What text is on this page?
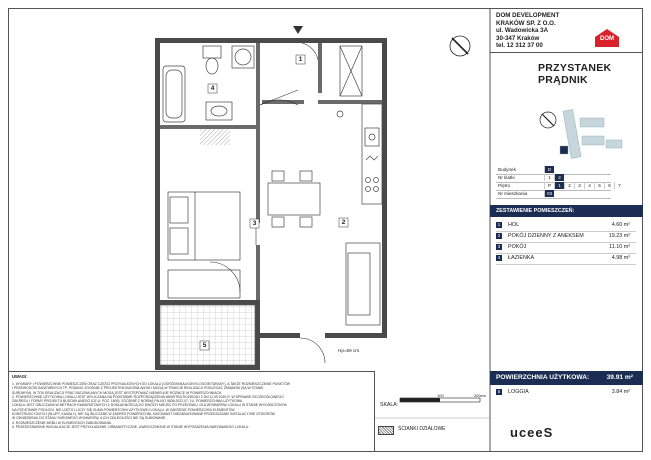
1
2
3
4
5
Hp=59 cm
DOM DEVELOPMENT
KRAKÓW SP. Z O.O.
ul. Wadowicka 3A
30-347 Kraków
tel. 12 312 37 00
DOM
PRZYSTANEK
PRĄDNIK
Budynek	D
Nr klatki	1	2
Piętro	P	1	2	3	4	5	6	7
Nr mieszkania	03
ZESTAWIENIE POMIESZCZEŃ:
1	HOL	4.60 m²
2	POKÓJ DZIENNY Z ANEKSEM	19.23 m²
3	POKÓJ	11.10 m²
4	ŁAZIENKA	4.98 m²
POWIERZCHNIA UŻYTKOWA:	39.91 m²
5	LOGGIA	3.84 m²
UWAGI:
1. WYMIARY I POWIERZCHNIE POMIESZCZEŃ ORAZ CZĘŚCI PRZYNALEŻNYCH DO LOKALU (OGRÓDKI/BALKONY/LOGGIE/TARASY), A TAKŻE ROZMIESZCZENIE PUNKTÓW
I PRZEWODÓW SANITARNYCH TP. PODANO ZGODNIE Z PROJEKTEM BUDOWLANYM I MOGĄ W TRAKCIE REALIZACJI PODLEGAĆ ZMIANOM (SĄ W STANIE
SUROWYM). W TOK REALIZACJI PRAC BUDOWLANYCH MOGĄ JEST WYSTĘPOWAĆ NIEWIELKIE RÓŻNICE W POWIERZCHNIACH.
2. POWIERZCHNIĘ UŻYTKOWĄ LOKALU JEST WYLICZANA NA PODSTAWIE ROZPORZĄDZENIA MINISTRA ROZWOJU Z DN 11.09.2020 R. W SPRAWIE SZCZEGÓŁOWEGO
ZAKRESU I FORMY PROJEKTU BUDOWLANEGO (DZ.U. POZ. 1609), ZGODNIE Z NORMĄ PN-ISO 9836:2022-07. 1U. POWIERZCHNIA UŻYTKOWA
LOKALU JEST OBLICZANA W METRACH KWADRATOWYCH Z DOKŁADNOŚCIĄ DO DWÓCH MIEJSC PO PRZECINKU, DLA WYMIARÓW LOKALU W STANIE WYKOŃCZONYM.
NA PODSTAWIE PODŁOGI. NIE UJĘTO I LICZY SIĘ SUMA POWIERZCHNI UŻYTKOWEJ LOKALU. W ZAKRESIE POWIERZCHNI ELEMENTÓW
KONSTRUKCYJNYCH (SŁUPY, KANAŁY), NIE SĄ WLICZANE W ZAKRES POWIERZCHNI, NATOMIAST NIEZABUDOWANE PRZEDSCIANKI INSTALACYJNE OTWORÓW
W ODNIESIENIU DO STANU SUROWEGO WYMIARÓW, A ICH ODLEGŁOŚCI NIE SĄ SUMOWANE.
4. ROZMIESZCZENIE MEBLI W ELEMENTACH ZABUDOWANIA.
5. PRZEDSTAWIONE WIZUALIZACJE JEST PRZYKŁADOWE, URBANISTYCZNE, UWIDOCZNIONE W STANIE WYPOSAŻENIA NABYWANEGO LOKALU.
SKALA:
100	200cm
ŚCIANKI DZIAŁOWE	uceeS
